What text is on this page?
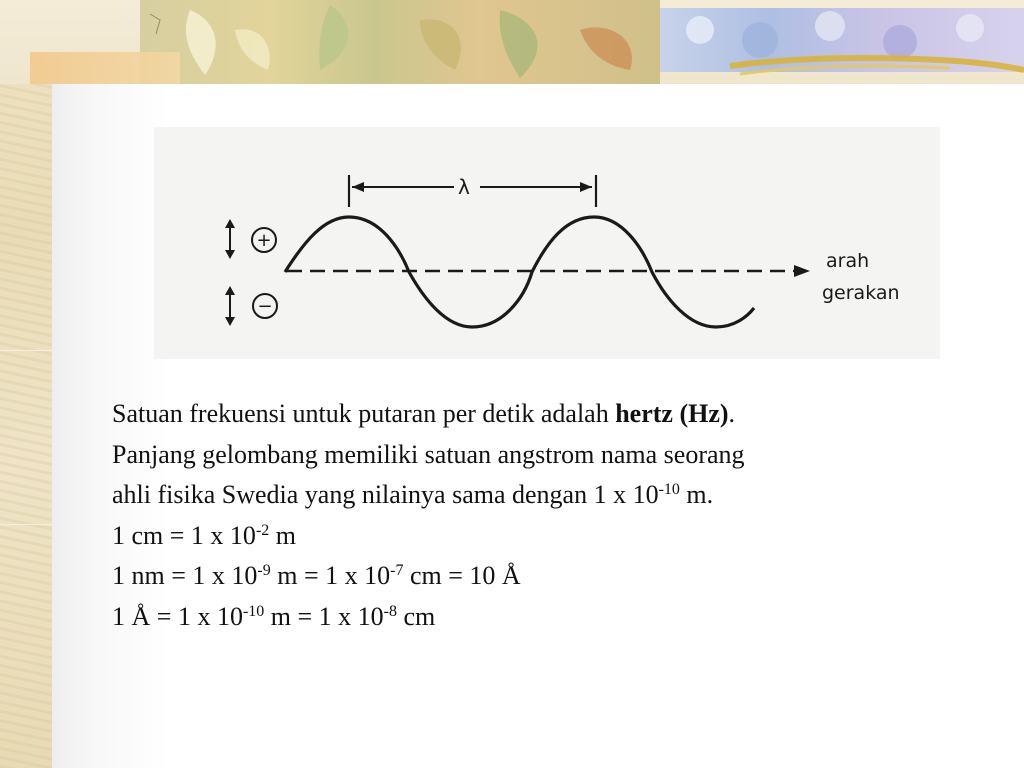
λ
+
−
arah
gerakan

Satuan frekuensi untuk putaran per detik adalah hertz (Hz).

Panjang gelombang memiliki satuan angstrom nama seorang

ahli fisika Swedia yang nilainya sama dengan 1 x $10^{-10}$ m.

1 cm = 1 x $10^{-2}$ m

1 nm = 1 x $10^{-9}$ m = 1 x $10^{-7}$ cm = 10 Å

1 Å = 1 x $10^{-10}$ m = 1 x $10^{-8}$ cm
